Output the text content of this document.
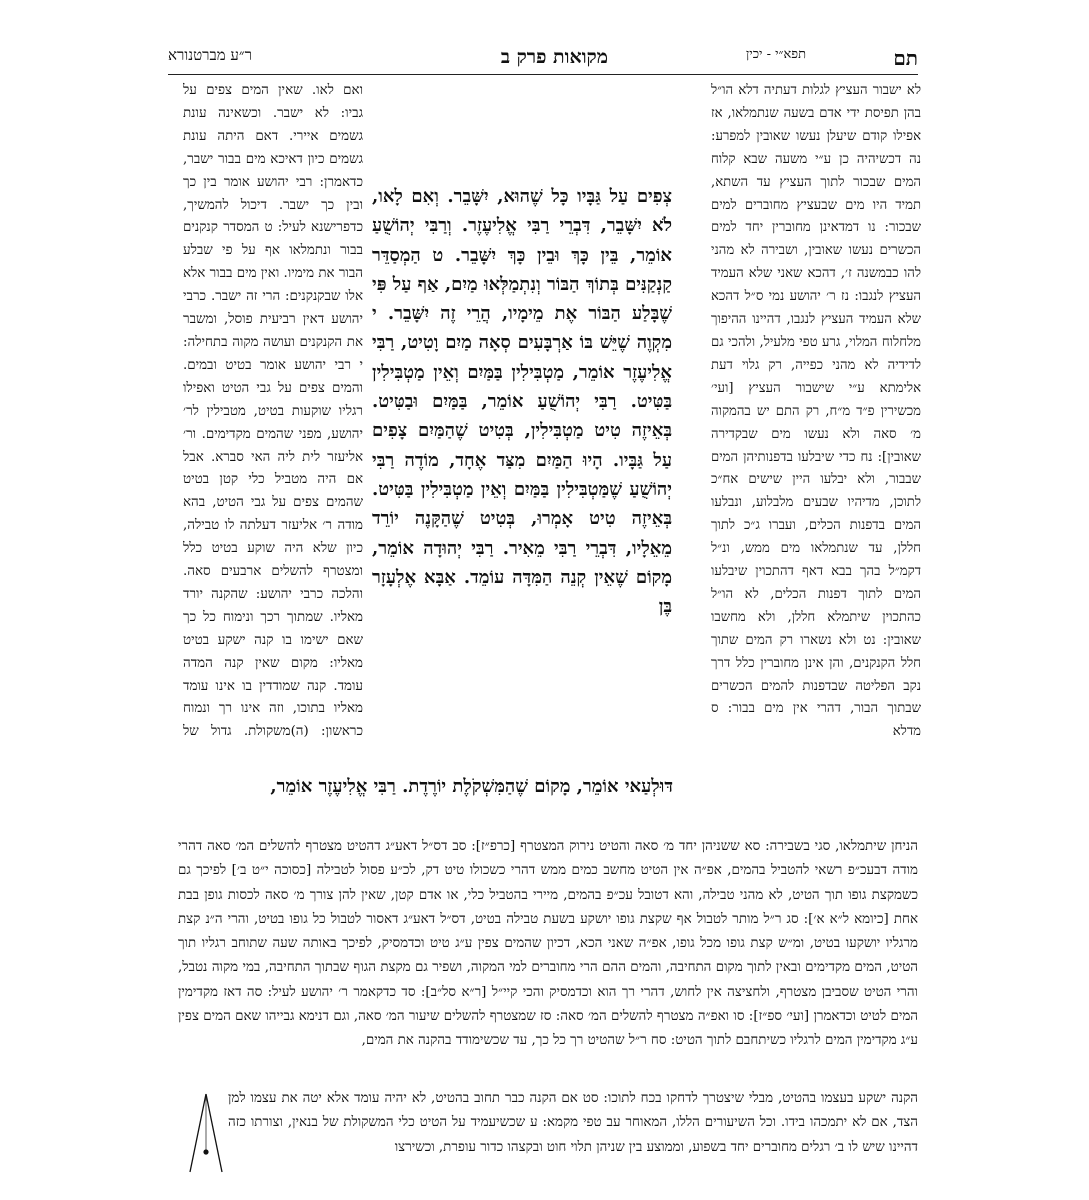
תם
תפא״י - יכין
מקואות פרק ב
ר״ע מברטנורא

לא ישבור העציץ לגלות דעתיה דלא הו״ל בהן תפיסת ידי אדם בשעה שנתמלאו, אז אפילו קודם שיעלן נעשו שאובין למפרע: נה דכשיהיה כן ע״י משעה שבא קלוח המים שבכור לתוך העציץ עד השתא, תמיד היו מים שבעציץ מחוברים למים שבכור: נו דמדאינן מחוברין יחד למים הכשרים נעשו שאובין, ושבירה לא מהני להו כבמשנה ז׳, דהכא שאני שלא העמיד העציץ לנגבו: נז ר׳ יהושע נמי ס״ל דהכא שלא העמיד העציץ לנגבו, דהיינו ההיפוך מלחלוח המלוי, גרע טפי מלעיל, ולהכי גם לדידיה לא מהני כפייה, רק גלוי דעת אלימתא ע״י שישבור העציץ [ועי׳ מכשירין פ״ד מ״ח, רק התם יש בהמקוה מ׳ סאה ולא נעשו מים שבקדירה שאובין]: נח כדי שיבלעו בדפנותיהן המים שבבור, ולא יבלעו היין שישים אח״כ לתוכן, מדיהיו שבעים מלבלוע, ונבלעו המים בדפנות הכלים, ועברו ג״כ לתוך חללן, עד שנתמלאו מים ממש, ונ״ל דקמ״ל בהך בבא דאף דהתכוין שיבלעו המים לתוך דפנות הכלים, לא הו״ל כהתכוין שיתמלא חללן, ולא מחשבו שאובין: נט ולא נשארו רק המים שתוך חלל הקנקנים, והן אינן מחוברין כלל דרך נקב הפליטה שבדפנות להמים הכשרים שבתוך הבור, דהרי אין מים בבור: ס מדלא

צְפִים עַל גַּבָּיו כָּל שֶׁהוּא, יִשָּׁבֵר. וְאִם לָאו, לֹא יִשָּׁבֵר, דִּבְרֵי רַבִּי אֱלִיעֶזֶר. וְרַבִּי יְהוֹשֻׁעַ אוֹמֵר, בֵּין כָּךְ וּבֵין כָּךְ יִשָּׁבֵר. ט הַמְסַדֵּר קַנְקַנִּים בְּתוֹךְ הַבּוֹר וְנִתְמַלְּאוּ מַיִם, אַף עַל פִּי שֶׁבָּלַע הַבּוֹר אֶת מֵימָיו, הֲרֵי זֶה יִשָּׁבֵר. י מִקְוֶה שֶׁיֵּשׁ בּוֹ אַרְבָּעִים סְאָה מַיִם וָטִיט, רַבִּי אֱלִיעֶזֶר אוֹמֵר, מַטְבִּילִין בַּמַּיִם וְאֵין מַטְבִּילִין בַּטִּיט. רַבִּי יְהוֹשֻׁעַ אוֹמֵר, בַּמַּיִם וּבַטִּיט. בְּאֵיזֶה טִיט מַטְבִּילִין, בְּטִיט שֶׁהַמַּיִם צָפִים עַל גַּבָּיו. הָיוּ הַמַּיִם מִצַּד אֶחָד, מוֹדֶה רַבִּי יְהוֹשֻׁעַ שֶׁמַּטְבִּילִין בַּמַּיִם וְאֵין מַטְבִּילִין בַּטִּיט. בְּאֵיזֶה טִיט אָמְרוּ, בְּטִיט שֶׁהַקָּנֶה יוֹרֵד מֵאֵלָיו, דִּבְרֵי רַבִּי מֵאִיר. רַבִּי יְהוּדָה אוֹמֵר, מָקוֹם שֶׁאֵין קְנֵה הַמִּדָּה עוֹמֵד. אַבָּא אֶלְעָזָר בֶּן

ואם לאו. שאין המים צפים על גביו: לא ישבר. וכשאינה עונת גשמים איירי. דאם היתה עונת גשמים כיון דאיכא מים בבור ישבר, כדאמרן: רבי יהושע אומר בין כך ובין כך ישבר. דיכול להמשיך, כדפרישנא לעיל: ט המסדר קנקנים בבור ונתמלאו אף על פי שבלע הבור את מימיו. ואין מים בבור אלא אלו שבקנקנים: הרי זה ישבר. כרבי יהושע דאין רביעית פוסל, ומשבר את הקנקנים ועושה מקוה בתחילה: י רבי יהושע אומר בטיט ובמים. והמים צפים על גבי הטיט ואפילו רגליו שוקעות בטיט, מטבילין לר׳ יהושע, מפני שהמים מקדימים. ור׳ אליעזר לית ליה האי סברא. אבל אם היה מטביל כלי קטן בטיט שהמים צפים על גבי הטיט, בהא מודה ר׳ אליעזר דעלתה לו טבילה, כיון שלא היה שוקע בטיט כלל ומצטרף להשלים ארבעים סאה. והלכה כרבי יהושע: שהקנה יורד מאליו. שמתוך רכך ונימוח כל כך שאם ישימו בו קנה ישקע בטיט מאליו: מקום שאין קנה המדה עומד. קנה שמודדין בו אינו עומד מאליו בתוכו, וזה אינו רך ונמוח כראשון: (ה)משקולת. גדול של

דּוּלְעַאי אוֹמֵר, מָקוֹם שֶׁהַמִּשְׁקֹלֶת יוֹרֶדֶת. רַבִּי אֱלִיעֶזֶר אוֹמֵר,

הניחן שיתמלאו, סגי בשבירה: סא ששניהן יחד מ׳ סאה והטיט נירוק המצטרף [כרפ״ז]: סב דס״ל דאע״ג דהטיט מצטרף להשלים המ׳ סאה דהרי מודה דבעכ״פ רשאי להטביל בהמים, אפ״ה אין הטיט מחשב כמים ממש דהרי כשכולו טיט דק, לכ״ע פסול לטבילה [כסוכה י״ט ב׳] לפיכך גם כשמקצת גופו תוך הטיט, לא מהני טבילה, והא דטובל עכ״פ בהמים, מיירי בהטביל כלי, או אדם קטן, שאין להן צורך מ׳ סאה לכסות גופן בבת אחת [כיומא ל״א א׳]: סג ר״ל מותר לטבול אף שקצת גופו יושקע בשעת טבילה בטיט, דס״ל דאע״ג דאסור לטבול כל גופו בטיט, והרי ה״נ קצת מרגליו יושקעו בטיט, ומ״ש קצת גופו מכל גופו, אפ״ה שאני הכא, דכיון שהמים צפין ע״ג טיט וכדמסיק, לפיכך באותה שעה שתוחב רגליו תוך הטיט, המים מקדימים ובאין לתוך מקום התחיבה, והמים ההם הרי מחוברים למי המקוה, ושפיר גם מקצת הגוף שבתוך התחיבה, במי מקוה נטבל, והרי הטיט שסביבן מצטרף, ולחציצה אין לחוש, דהרי רך הוא וכדמסיק והכי קיי״ל [ר״א סל״ב]: סד כדקאמר ר׳ יהושע לעיל: סה דאז מקדימין המים לטיט וכדאמרן [ועי׳ ספ״ז]: סו ואפ״ה מצטרף להשלים המ׳ סאה: סז שמצטרף להשלים שיעור המ׳ סאה, וגם דנימא גבייהו שאם המים צפין ע״ג מקדימין המים לרגליו כשיתחבם לתוך הטיט: סח ר״ל שהטיט רך כל כך, עד שכשימודד בהקנה את המים,

הקנה ישקע בעצמו בהטיט, מבלי שיצטרך לדחקו בכח לתוכו: סט אם הקנה כבר תחוב בהטיט, לא יהיה עומד אלא יטה את עצמו למן הצד, אם לא יתמכהו בידו. וכל השיעורים הללו, המאוחר עב טפי מקמא: ע שכשיעמיד על הטיט כלי המשקולת של בנאין, וצורתו כזה דהיינו שיש לו ב׳ רגלים מחוברים יחד בשפוע, וממוצע בין שניהן תלוי חוט ובקצהו כדור עופרת, וכשירצו
